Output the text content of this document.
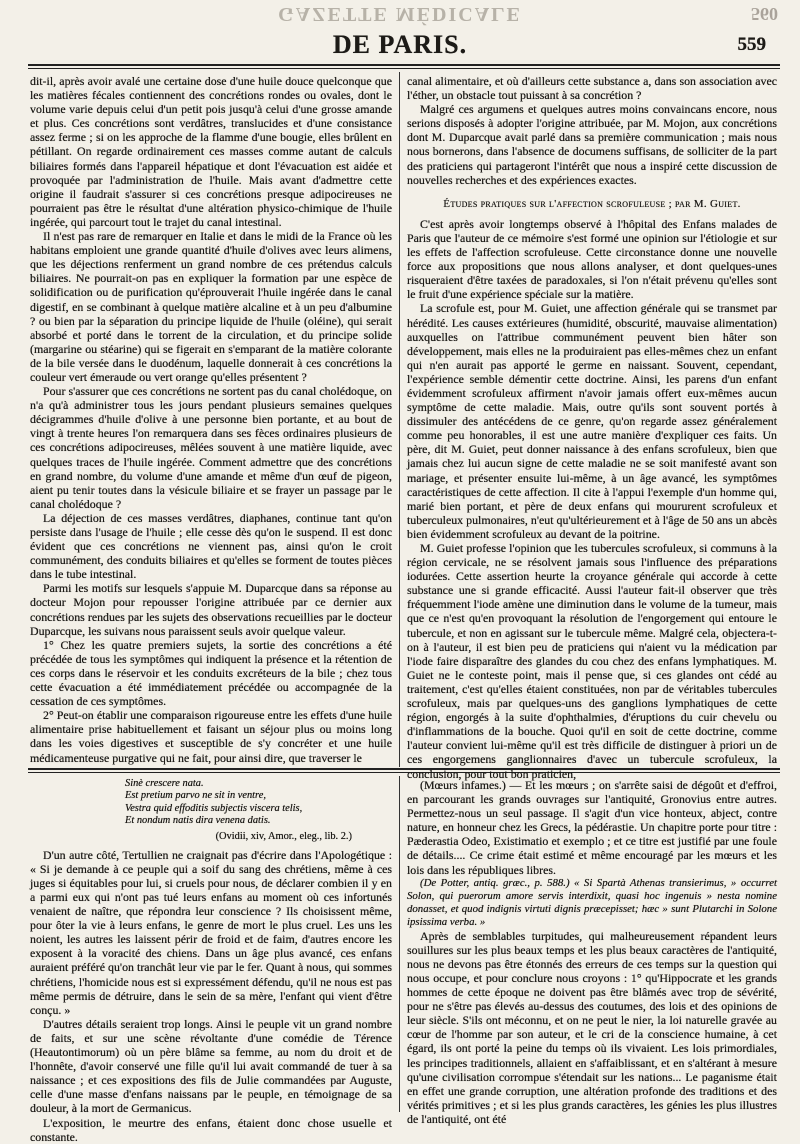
GAZETTE MÉDICALE	560
DE PARIS.	559

dit-il, après avoir avalé une certaine dose d'une huile douce quelconque que les matières fécales contiennent des concrétions rondes ou ovales, dont le volume varie depuis celui d'un petit pois jusqu'à celui d'une grosse amande et plus. Ces concrétions sont verdâtres, translucides et d'une consistance assez ferme ; si on les approche de la flamme d'une bougie, elles brûlent en pétillant. On regarde ordinairement ces masses comme autant de calculs biliaires formés dans l'appareil hépatique et dont l'évacuation est aidée et provoquée par l'administration de l'huile. Mais avant d'admettre cette origine il faudrait s'assurer si ces concrétions presque adipocireuses ne pourraient pas être le résultat d'une altération physico-chimique de l'huile ingérée, qui parcourt tout le trajet du canal intestinal.

Il n'est pas rare de remarquer en Italie et dans le midi de la France où les habitans emploient une grande quantité d'huile d'olives avec leurs alimens, que les déjections renferment un grand nombre de ces prétendus calculs biliaires. Ne pourrait-on pas en expliquer la formation par une espèce de solidification ou de purification qu'éprouverait l'huile ingérée dans le canal digestif, en se combinant à quelque matière alcaline et à un peu d'albumine ? ou bien par la séparation du principe liquide de l'huile (oléine), qui serait absorbé et porté dans le torrent de la circulation, et du principe solide (margarine ou stéarine) qui se figerait en s'emparant de la matière colorante de la bile versée dans le duodénum, laquelle donnerait à ces concrétions la couleur vert émeraude ou vert orange qu'elles présentent ?

Pour s'assurer que ces concrétions ne sortent pas du canal cholédoque, on n'a qu'à administrer tous les jours pendant plusieurs semaines quelques décigrammes d'huile d'olive à une personne bien portante, et au bout de vingt à trente heures l'on remarquera dans ses fèces ordinaires plusieurs de ces concrétions adipocireuses, mêlées souvent à une matière liquide, avec quelques traces de l'huile ingérée. Comment admettre que des concrétions en grand nombre, du volume d'une amande et même d'un œuf de pigeon, aient pu tenir toutes dans la vésicule biliaire et se frayer un passage par le canal cholédoque ?

La déjection de ces masses verdâtres, diaphanes, continue tant qu'on persiste dans l'usage de l'huile ; elle cesse dès qu'on le suspend. Il est donc évident que ces concrétions ne viennent pas, ainsi qu'on le croit communément, des conduits biliaires et qu'elles se forment de toutes pièces dans le tube intestinal.

Parmi les motifs sur lesquels s'appuie M. Duparcque dans sa réponse au docteur Mojon pour repousser l'origine attribuée par ce dernier aux concrétions rendues par les sujets des observations recueillies par le docteur Duparcque, les suivans nous paraissent seuls avoir quelque valeur.

1° Chez les quatre premiers sujets, la sortie des concrétions a été précédée de tous les symptômes qui indiquent la présence et la rétention de ces corps dans le réservoir et les conduits excréteurs de la bile ; chez tous cette évacuation a été immédiatement précédée ou accompagnée de la cessation de ces symptômes.

2° Peut-on établir une comparaison rigoureuse entre les effets d'une huile alimentaire prise habituellement et faisant un séjour plus ou moins long dans les voies digestives et susceptible de s'y concréter et une huile médicamenteuse purgative qui ne fait, pour ainsi dire, que traverser le

canal alimentaire, et où d'ailleurs cette substance a, dans son association avec l'éther, un obstacle tout puissant à sa concrétion ?

Malgré ces argumens et quelques autres moins convaincans encore, nous serions disposés à adopter l'origine attribuée, par M. Mojon, aux concrétions dont M. Duparcque avait parlé dans sa première communication ; mais nous nous bornerons, dans l'absence de documens suffisans, de solliciter de la part des praticiens qui partageront l'intérêt que nous a inspiré cette discussion de nouvelles recherches et des expériences exactes.

Études pratiques sur l'affection scrofuleuse ; par M. Guiet.

C'est après avoir longtemps observé à l'hôpital des Enfans malades de Paris que l'auteur de ce mémoire s'est formé une opinion sur l'étiologie et sur les effets de l'affection scrofuleuse. Cette circonstance donne une nouvelle force aux propositions que nous allons analyser, et dont quelques-unes risqueraient d'être taxées de paradoxales, si l'on n'était prévenu qu'elles sont le fruit d'une expérience spéciale sur la matière.

La scrofule est, pour M. Guiet, une affection générale qui se transmet par hérédité. Les causes extérieures (humidité, obscurité, mauvaise alimentation) auxquelles on l'attribue communément peuvent bien hâter son développement, mais elles ne la produiraient pas elles-mêmes chez un enfant qui n'en aurait pas apporté le germe en naissant. Souvent, cependant, l'expérience semble démentir cette doctrine. Ainsi, les parens d'un enfant évidemment scrofuleux affirment n'avoir jamais offert eux-mêmes aucun symptôme de cette maladie. Mais, outre qu'ils sont souvent portés à dissimuler des antécédens de ce genre, qu'on regarde assez généralement comme peu honorables, il est une autre manière d'expliquer ces faits. Un père, dit M. Guiet, peut donner naissance à des enfans scrofuleux, bien que jamais chez lui aucun signe de cette maladie ne se soit manifesté avant son mariage, et présenter ensuite lui-même, à un âge avancé, les symptômes caractéristiques de cette affection. Il cite à l'appui l'exemple d'un homme qui, marié bien portant, et père de deux enfans qui moururent scrofuleux et tuberculeux pulmonaires, n'eut qu'ultérieurement et à l'âge de 50 ans un abcès bien évidemment scrofuleux au devant de la poitrine.

M. Guiet professe l'opinion que les tubercules scrofuleux, si communs à la région cervicale, ne se résolvent jamais sous l'influence des préparations iodurées. Cette assertion heurte la croyance générale qui accorde à cette substance une si grande efficacité. Aussi l'auteur fait-il observer que très fréquemment l'iode amène une diminution dans le volume de la tumeur, mais que ce n'est qu'en provoquant la résolution de l'engorgement qui entoure le tubercule, et non en agissant sur le tubercule même. Malgré cela, objectera-t-on à l'auteur, il est bien peu de praticiens qui n'aient vu la médication par l'iode faire disparaître des glandes du cou chez des enfans lymphatiques. M. Guiet ne le conteste point, mais il pense que, si ces glandes ont cédé au traitement, c'est qu'elles étaient constituées, non par de véritables tubercules scrofuleux, mais par quelques-uns des ganglions lymphatiques de cette région, engorgés à la suite d'ophthalmies, d'éruptions du cuir chevelu ou d'inflammations de la bouche. Quoi qu'il en soit de cette doctrine, comme l'auteur convient lui-même qu'il est très difficile de distinguer à priori un de ces engorgemens ganglionnaires d'avec un tubercule scrofuleux, la conclusion, pour tout bon praticien,

Sinè crescere nata.
Est pretium parvo ne sit in ventre,
Vestra quid effoditis subjectis viscera telis,
Et nondum natis dira venena datis.
(Ovidii, xiv, Amor., eleg., lib. 2.)

D'un autre côté, Tertullien ne craignait pas d'écrire dans l'Apologétique : « Si je demande à ce peuple qui a soif du sang des chrétiens, même à ces juges si équitables pour lui, si cruels pour nous, de déclarer combien il y en a parmi eux qui n'ont pas tué leurs enfans au moment où ces infortunés venaient de naître, que répondra leur conscience ? Ils choisissent même, pour ôter la vie à leurs enfans, le genre de mort le plus cruel. Les uns les noient, les autres les laissent périr de froid et de faim, d'autres encore les exposent à la voracité des chiens. Dans un âge plus avancé, ces enfans auraient préféré qu'on tranchât leur vie par le fer. Quant à nous, qui sommes chrétiens, l'homicide nous est si expressément défendu, qu'il ne nous est pas même permis de détruire, dans le sein de sa mère, l'enfant qui vient d'être conçu. »

D'autres détails seraient trop longs. Ainsi le peuple vit un grand nombre de faits, et sur une scène révoltante d'une comédie de Térence (Heautontimorum) où un père blâme sa femme, au nom du droit et de l'honnête, d'avoir conservé une fille qu'il lui avait commandé de tuer à sa naissance ; et ces expositions des fils de Julie commandées par Auguste, celle d'une masse d'enfans naissans par le peuple, en témoignage de sa douleur, à la mort de Germanicus.

L'exposition, le meurtre des enfans, étaient donc chose usuelle et constante.

(Mœurs infames.) — Et les mœurs ; on s'arrête saisi de dégoût et d'effroi, en parcourant les grands ouvrages sur l'antiquité, Gronovius entre autres. Permettez-nous un seul passage. Il s'agit d'un vice honteux, abject, contre nature, en honneur chez les Grecs, la pédérastie. Un chapitre porte pour titre : Pæderastia Odeo, Existimatio et exemplo ; et ce titre est justifié par une foule de détails.... Ce crime était estimé et même encouragé par les mœurs et les lois dans les républiques libres.

(De Potter, antiq. græc., p. 588.) « Si Spartà Athenas transierimus, » occurret Solon, qui puerorum amore servis interdixit, quasi hoc ingenuis » nesta nomine donasset, et quod indignis virtuti dignis præcepisset; hæc » sunt Plutarchi in Solone ipsissima verba. »

Après de semblables turpitudes, qui malheureusement répandent leurs souillures sur les plus beaux temps et les plus beaux caractères de l'antiquité, nous ne devons pas être étonnés des erreurs de ces temps sur la question qui nous occupe, et pour conclure nous croyons : 1° qu'Hippocrate et les grands hommes de cette époque ne doivent pas être blâmés avec trop de sévérité, pour ne s'être pas élevés au-dessus des coutumes, des lois et des opinions de leur siècle. S'ils ont méconnu, et on ne peut le nier, la loi naturelle gravée au cœur de l'homme par son auteur, et le cri de la conscience humaine, à cet égard, ils ont porté la peine du temps où ils vivaient. Les lois primordiales, les principes traditionnels, allaient en s'affaiblissant, et en s'altérant à mesure qu'une civilisation corrompue s'étendait sur les nations... Le paganisme était en effet une grande corruption, une altération profonde des traditions et des vérités primitives ; et si les plus grands caractères, les génies les plus illustres de l'antiquité, ont été
